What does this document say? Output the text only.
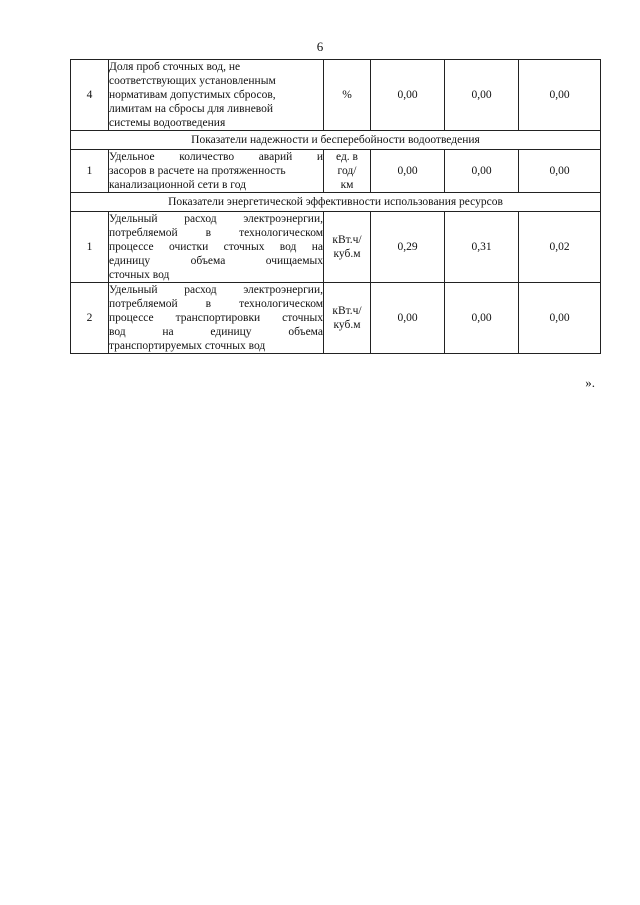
6
4	Доля проб сточных вод, не
соответствующих установленным
нормативам допустимых сбросов,
лимитам на сбросы для ливневой
системы водоотведения	%	0,00	0,00	0,00
Показатели надежности и бесперебойности водоотведения					
1	Удельное количество аварий и
засоров в расчете на протяженность
канализационной сети в год	ед. в
год/
км	0,00	0,00	0,00
Показатели энергетической эффективности использования ресурсов					
1	Удельный расход электроэнергии,
потребляемой в технологическом
процессе очистки сточных вод на
единицу объема очищаемых
сточных вод	кВт.ч/
куб.м	0,29	0,31	0,02
2	Удельный расход электроэнергии,
потребляемой в технологическом
процессе транспортировки сточных
вод на единицу объема
транспортируемых сточных вод	кВт.ч/
куб.м	0,00	0,00	0,00
».
